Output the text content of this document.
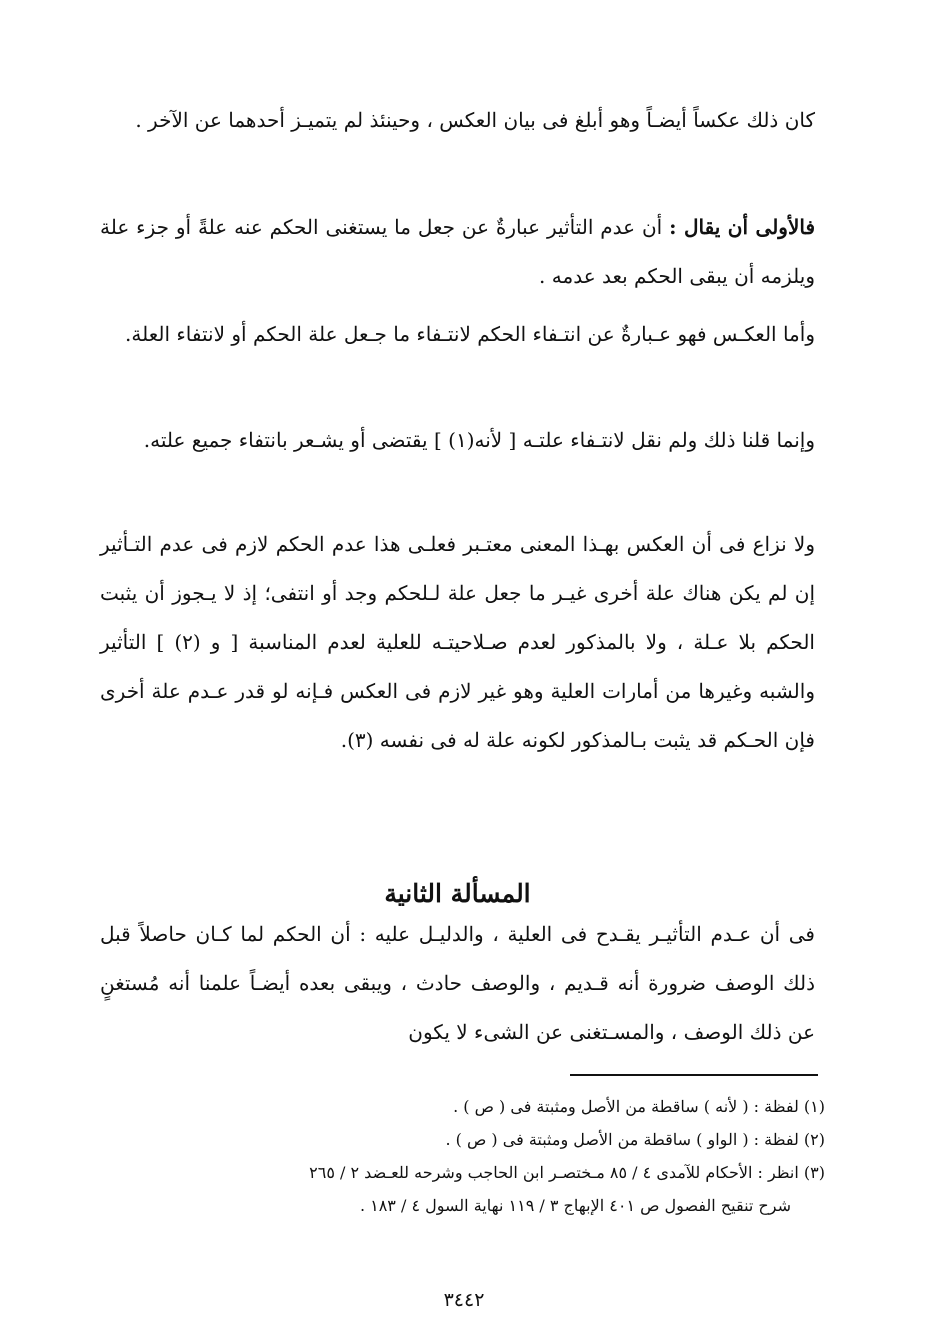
كان ذلك عكساً أيضـاً وهو أبلغ فى بيان العكس ، وحينئذ لم يتميـز أحدهما عن الآخر .

فالأولى أن يقال : أن عدم التأثير عبارةٌ عن جعل ما يستغنى الحكم عنه علةً أو جزء علة ويلزمه أن يبقى الحكم بعد عدمه .

وأما العكـس فهو عـبارةٌ عن انتـفاء الحكم لانتـفاء ما جـعل علة الحكم أو لانتفاء العلة.

وإنما قلنا ذلك ولم نقل لانتـفاء علتـه [ لأنه(١) ] يقتضى أو يشـعر بانتفاء جميع علته.

ولا نزاع فى أن العكس بهـذا المعنى معتـبر فعلـى هذا عدم الحكم لازم فى عدم التـأثير إن لم يكن هناك علة أخرى غيـر ما جعل علة لـلحكم وجد أو انتفى؛ إذ لا يـجوز أن يثبت الحكم بلا عـلة ، ولا بالمذكور لعدم صـلاحيتـه للعلية لعدم المناسبة [ و (٢) ] التأثير والشبه وغيرها من أمارات العلية وهو غير لازم فى العكس فـإنه لو قدر عـدم علة أخرى فإن الحـكم قد يثبت بـالمذكور لكونه علة له فى نفسه (٣).

المسألة الثانية

فى أن عـدم التأثيـر يقـدح فى العلية ، والدليـل عليه : أن الحكم لما كـان حاصلاً قبل ذلك الوصف ضرورة أنه قـديم ، والوصف حادث ، ويبقى بعده أيضـاً علمنا أنه مُستغنٍ عن ذلك الوصف ، والمسـتغنى عن الشىء لا يكون

(١) لفظة : ( لأنه ) ساقطة من الأصل ومثبتة فى ( ص ) .

(٢) لفظة : ( الواو ) ساقطة من الأصل ومثبتة فى ( ص ) .

(٣) انظر : الأحكام للآمدى ٤ / ٨٥ مـختصـر ابن الحاجب وشرحه للعـضد ٢ / ٢٦٥

شرح تنقيح الفصول ص ٤٠١ الإبهاج ٣ / ١١٩ نهاية السول ٤ / ١٨٣ .

٣٤٤٢
